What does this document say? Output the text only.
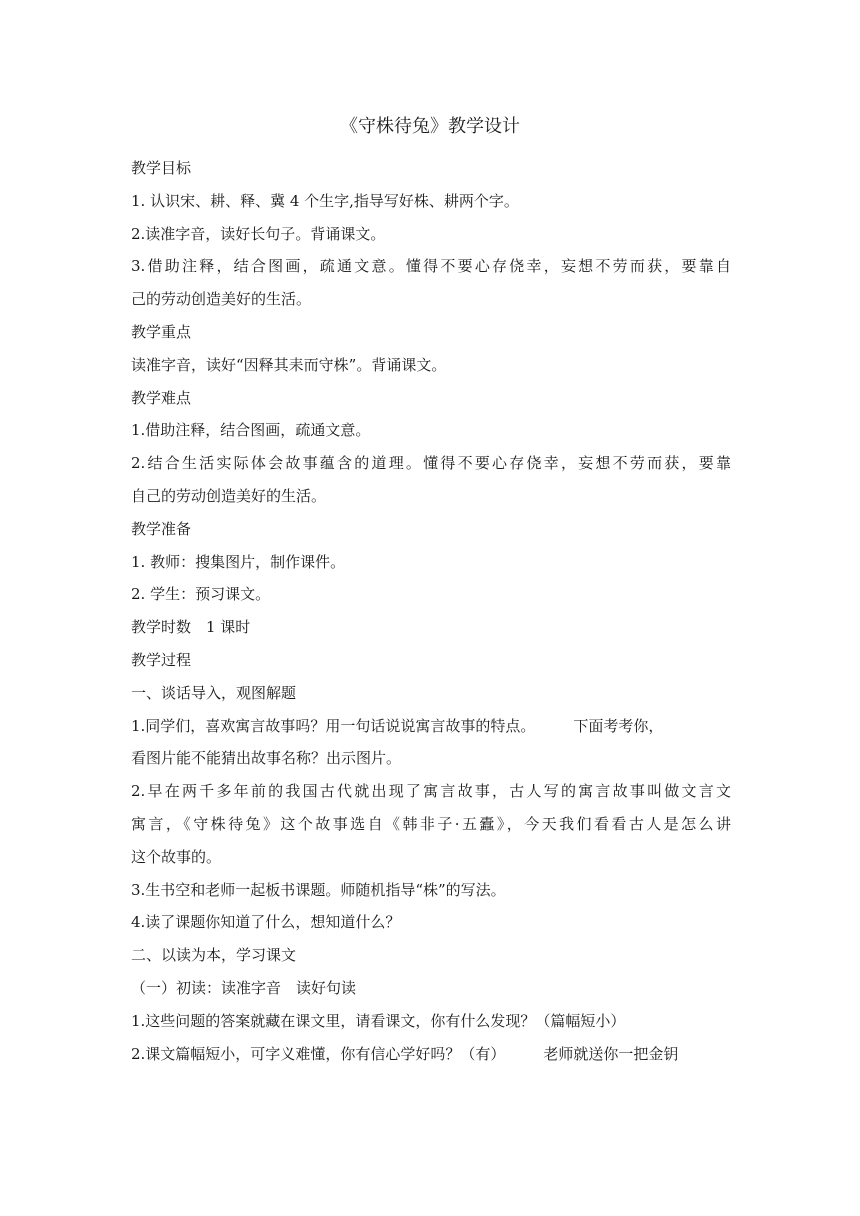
《守株待兔》教学设计
教学目标
1. 认识宋、耕、释、冀 4 个生字,指导写好株、耕两个字。
2.读准字音，读好长句子。背诵课文。
3.借助注释，结合图画，疏通文意。懂得不要心存侥幸，妄想不劳而获，要靠自
己的劳动创造美好的生活。
教学重点
读准字音，读好“因释其耒而守株”。背诵课文。
教学难点
1.借助注释，结合图画，疏通文意。
2.结合生活实际体会故事蕴含的道理。懂得不要心存侥幸，妄想不劳而获，要靠
自己的劳动创造美好的生活。
教学准备
1. 教师：搜集图片，制作课件。
2. 学生：预习课文。
教学时数　1 课时
教学过程
一、谈话导入，观图解题
1.同学们，喜欢寓言故事吗？用一句话说说寓言故事的特点。	下面考考你，
看图片能不能猜出故事名称？出示图片。
2.早在两千多年前的我国古代就出现了寓言故事，古人写的寓言故事叫做文言文
寓言，《守株待兔》这个故事选自《韩非子·五蠹》，今天我们看看古人是怎么讲
这个故事的。
3.生书空和老师一起板书课题。师随机指导“株”的写法。
4.读了课题你知道了什么，想知道什么？
二、以读为本，学习课文
（一）初读：读准字音　读好句读
1.这些问题的答案就藏在课文里，请看课文，你有什么发现？（篇幅短小）
2.课文篇幅短小，可字义难懂，你有信心学好吗？（有）	老师就送你一把金钥
